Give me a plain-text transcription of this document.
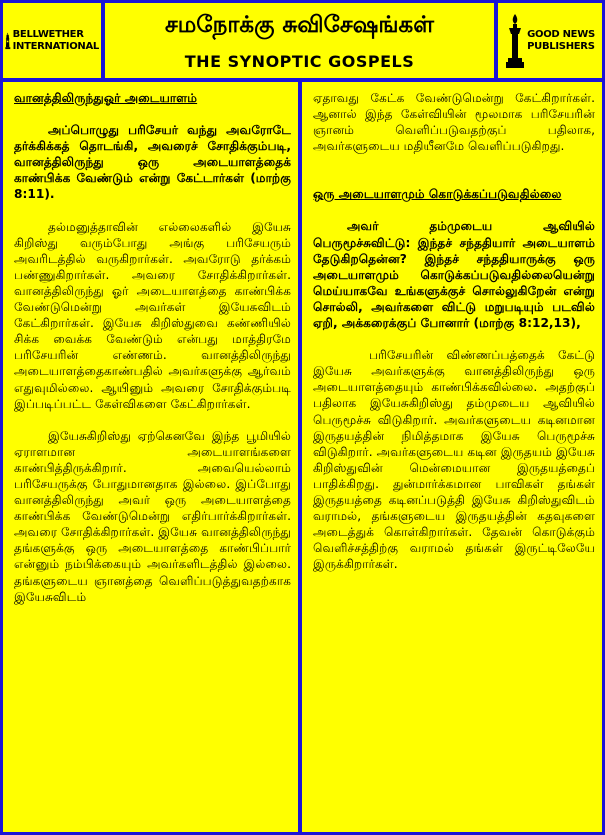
BELLWETHER
INTERNATIONAL
சமநோக்கு சுவிசேஷங்கள்
THE SYNOPTIC GOSPELS
GOOD NEWS
PUBLISHERS

வானத்திலிருந்துஓர் அடையாளம்

அப்பொழுது பரிசேயர் வந்து அவரோடே தர்க்கிக்கத் தொடங்கி, அவரைச் சோதிக்கும்படி, வானத்திலிருந்து ஒரு அடையாளத்தைக் காண்பிக்க வேண்டும் என்று கேட்டார்கள் (மாற்கு 8:11).

தல்மனுத்தாவின் எல்லைகளில் இயேசு கிறிஸ்து வரும்போது அங்கு பரிசேயரும் அவரிடத்தில் வருகிறார்கள். அவரோடு தர்க்கம் பண்ணுகிறார்கள். அவரை சோதிக்கிறார்கள். வானத்திலிருந்து ஓர் அடையாளத்தை காண்பிக்க வேண்டுமென்று அவர்கள் இயேசுவிடம் கேட்கிறார்கள். இயேசு கிறிஸ்துவை கண்ணியில் சிக்க வைக்க வேண்டும் என்பது மாத்திரமே பரிசேயரின் எண்ணம். வானத்திலிருந்து அடையாளத்தைகாண்பதில் அவர்களுக்கு ஆர்வம் எதுவுமில்லை. ஆயினும் அவரை சோதிக்கும்படி இப்படிப்பட்ட கேள்விகளை கேட்கிறார்கள்.

இயேசுகிறிஸ்து ஏற்கெனவே இந்த பூமியில் ஏராளமான அடையாளங்களை காண்பித்திருக்கிறார். அவையெல்லாம் பரிசேயருக்கு போதுமானதாக இல்லை. இப்போது வானத்திலிருந்து அவர் ஒரு அடையாளத்தை காண்பிக்க வேண்டுமென்று எதிர்பார்க்கிறார்கள். அவரை சோதிக்கிறார்கள். இயேசு வானத்திலிருந்து தங்களுக்கு ஒரு அடையாளத்தை காண்பிப்பார் என்னும் நம்பிக்கையும் அவர்களிடத்தில் இல்லை. தங்களுடைய ஞானத்தை வெளிப்படுத்துவதற்காக இயேசுவிடம்

ஏதாவது கேட்க வேண்டுமென்று கேட்கிறார்கள். ஆனால் இந்த கேள்வியின் மூலமாக பரிசேயரின் ஞானம் வெளிப்படுவதற்குப் பதிலாக, அவர்களுடைய மதியீனமே வெளிப்படுகிறது.

ஒரு அடையாளமும் கொடுக்கப்படுவதில்லை

அவர் தம்முடைய ஆவியில் பெருமூச்சுவிட்டு: இந்தச் சந்ததியார் அடையாளம் தேடுகிறதென்ன? இந்தச் சந்ததியாருக்கு ஒரு அடையாளமும் கொடுக்கப்படுவதில்லையென்று மெய்யாகவே உங்களுக்குச் சொல்லுகிறேன் என்று சொல்லி, அவர்களை விட்டு மறுபடியும் படவில் ஏறி, அக்கரைக்குப் போனார் (மாற்கு 8:12,13),

பரிசேயரின் விண்ணப்பத்தைக் கேட்டு இயேசு அவர்களுக்கு வானத்திலிருந்து ஒரு அடையாளத்தையும் காண்பிக்கவில்லை. அதற்குப் பதிலாக இயேசுகிறிஸ்து தம்முடைய ஆவியில் பெருமூச்சு விடுகிறார். அவர்களுடைய கடினமான இருதயத்தின் நிமித்தமாக இயேசு பெருமூச்சு விடுகிறார். அவர்களுடைய கடின இருதயம் இயேசு கிறிஸ்துவின் மென்மையான இருதயத்தைப் பாதிக்கிறது. துன்மார்க்கமான பாவிகள் தங்கள் இருதயத்தை கடினப்படுத்தி இயேசு கிறிஸ்துவிடம் வராமல், தங்களுடைய இருதயத்தின் கதவுகளை அடைத்துக் கொள்கிறார்கள். தேவன் கொடுக்கும் வெளிச்சத்திற்கு வராமல் தங்கள் இருட்டிலேயே இருக்கிறார்கள்.
